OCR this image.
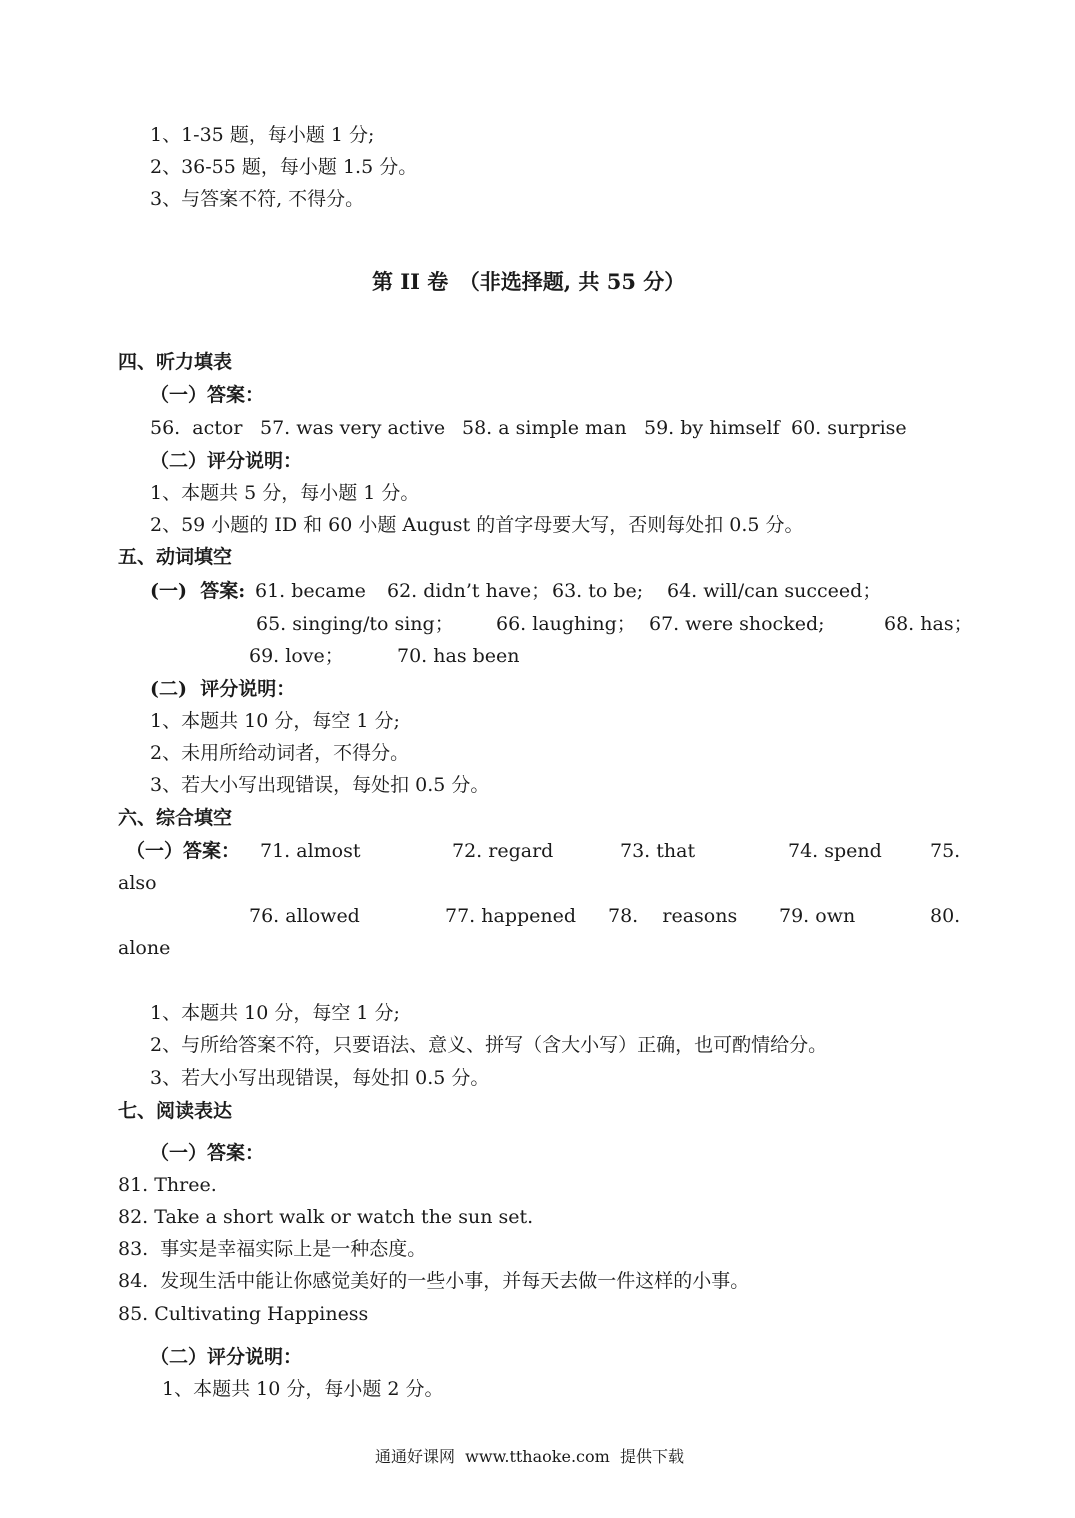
1、1-35 题，每小题 1 分;
2、36-55 题，每小题 1.5 分。
3、与答案不符, 不得分。
第 II 卷　（非选择题, 共 55 分）
四、听力填表
（一）答案：
56.  actor 57. was very active 58. a simple man 59. by himself 60. surprise
（二）评分说明：
1、本题共 5 分，每小题 1 分。
2、59 小题的 ID 和 60 小题 August 的首字母要大写，否则每处扣 0.5 分。
五、动词填空
(一)  答案: 61. became 62. didn’t have； 63. to be; 64. will/can succeed；
65. singing/to sing； 66. laughing； 67. were shocked;	68. has；
69. love；	70. has been
(二)  评分说明：
1、本题共 10 分，每空 1 分;
2、未用所给动词者，不得分。
3、若大小写出现错误，每处扣 0.5 分。
六、综合填空
（一）答案： 71. almost	72. regard	73. that	74. spend	75.
also
76. allowed	77. happened 78.    reasons 79. own	80.
alone
1、本题共 10 分，每空 1 分;
2、与所给答案不符，只要语法、意义、拼写（含大小写）正确，也可酌情给分。
3、若大小写出现错误，每处扣 0.5 分。
七、阅读表达
（一）答案：
81. Three.
82. Take a short walk or watch the sun set.
83.  事实是幸福实际上是一种态度。
84.  发现生活中能让你感觉美好的一些小事，并每天去做一件这样的小事。
85. Cultivating Happiness
（二）评分说明：
1、本题共 10 分，每小题 2 分。
通通好课网  www.tthaoke.com  提供下载
